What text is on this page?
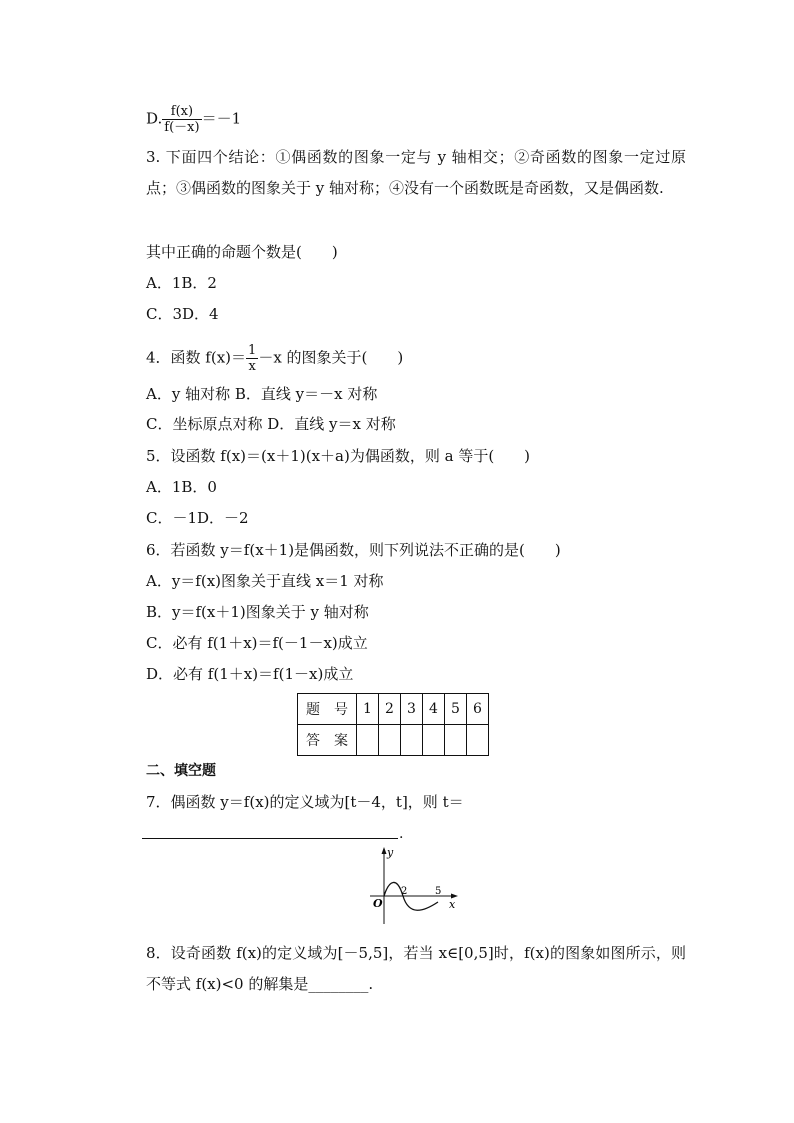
D. $\frac{f(x)}{f(-x)} =-1$
3. 下面四个结论：①偶函数的图象一定与 y 轴相交；②奇函数的图象一定过原点；③偶函数的图象关于 y 轴对称；④没有一个函数既是奇函数，又是偶函数.
其中正确的命题个数是(　　)
A．1B．2
C．3D．4
4．函数 $f(x)= \frac{1}{x} -x$ 的图象关于(　　)
A．y 轴对称 B．直线 y＝－x 对称
C．坐标原点对称 D．直线 y＝x 对称
5．设函数 f(x)＝(x＋1)(x＋a)为偶函数，则 a 等于(　　)
A．1B．0
C．－1D．－2
6．若函数 y＝f(x＋1)是偶函数，则下列说法不正确的是(　　)
A．y＝f(x)图象关于直线 x＝1 对称
B．y＝f(x＋1)图象关于 y 轴对称
C．必有 f(1＋x)＝f(－1－x)成立
D．必有 f(1＋x)＝f(1－x)成立
题　号	1	2	3	4	5	6
答　案						
二、填空题
7．偶函数 y＝f(x)的定义域为[t－4，t]，则 t＝
.
y
x
O
2	5
8．设奇函数 f(x)的定义域为[－5,5]，若当 x∈[0,5]时，f(x)的图象如图所示，则不等式 f(x)<0 的解集是________.
